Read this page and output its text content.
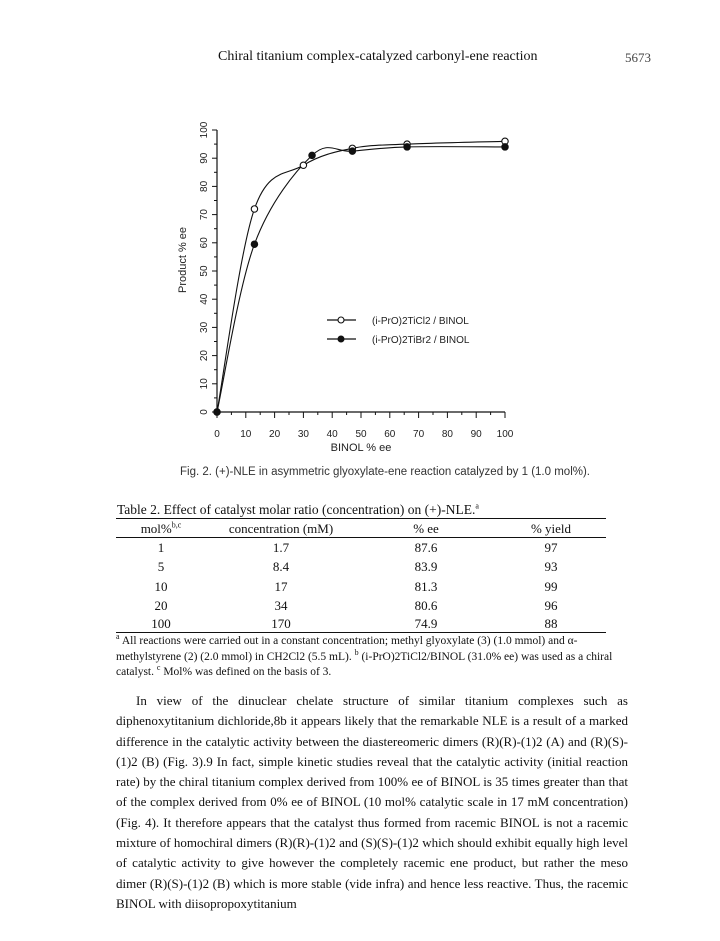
Chiral titanium complex-catalyzed carbonyl-ene reaction	5673
0 10 20 30 40 50 60 70 80 90 100
0
10
20
30
40
50
60
70
80
90
100
BINOL % ee
Product % ee
(i-PrO)2TiCl2 / BINOL
(i-PrO)2TiBr2 / BINOL
Fig. 2. (+)-NLE in asymmetric glyoxylate-ene reaction catalyzed by 1 (1.0 mol%).
Table 2. Effect of catalyst molar ratio (concentration) on (+)-NLE.$^a$
mol%$^{b,c}$	concentration (mM)	% ee	% yield
1	1.7	87.6	97
5	8.4	83.9	93
10	17	81.3	99
20	34	80.6	96
100	170	74.9	88
$^a$ All reactions were carried out in a constant concentration; methyl glyoxylate (3) (1.0 mmol) and α-methylstyrene (2) (2.0 mmol) in CH2Cl2 (5.5 mL). $^b$ (i-PrO)2TiCl2/BINOL (31.0% ee) was used as a chiral catalyst. $^c$ Mol% was defined on the basis of 3.

In view of the dinuclear chelate structure of similar titanium complexes such as diphenoxytitanium dichloride,8b it appears likely that the remarkable NLE is a result of a marked difference in the catalytic activity between the diastereomeric dimers (R)(R)-(1)2 (A) and (R)(S)-(1)2 (B) (Fig. 3).9 In fact, simple kinetic studies reveal that the catalytic activity (initial reaction rate) by the chiral titanium complex derived from 100% ee of BINOL is 35 times greater than that of the complex derived from 0% ee of BINOL (10 mol% catalytic scale in 17 mM concentration) (Fig. 4). It therefore appears that the catalyst thus formed from racemic BINOL is not a racemic mixture of homochiral dimers (R)(R)-(1)2 and (S)(S)-(1)2 which should exhibit equally high level of catalytic activity to give however the completely racemic ene product, but rather the meso dimer (R)(S)-(1)2 (B) which is more stable (vide infra) and hence less reactive. Thus, the racemic BINOL with diisopropoxytitanium
